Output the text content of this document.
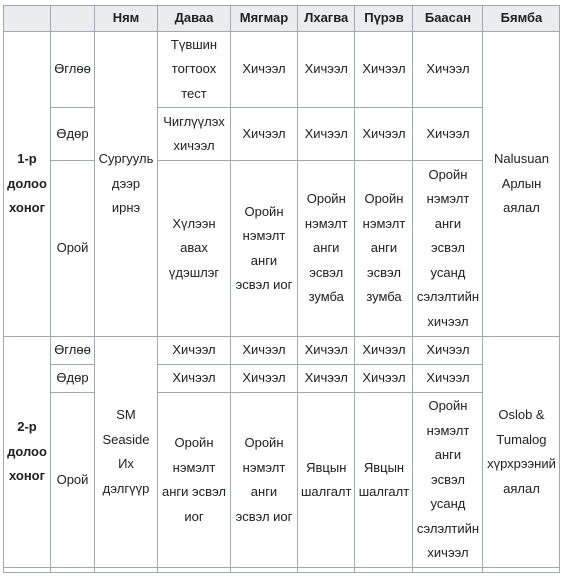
		Ням	Даваа	Мягмар	Лхагва	Пүрэв	Баасан	Бямба
1-р долоо хоног	Өглөө	Сургууль дээр ирнэ	Түвшин тогтоох тест	Хичээл	Хичээл	Хичээл	Хичээл	Nalusuan Арлын аялал
	Өдөр		Чиглүүлэх хичээл	Хичээл	Хичээл	Хичээл	Хичээл	
	Орой		Хүлээн авах үдэшлэг	Оройн нэмэлт анги эсвэл иог	Оройн нэмэлт анги эсвэл зумба	Оройн нэмэлт анги эсвэл зумба	Оройн нэмэлт анги эсвэл усанд сэлэлтийн хичээл	
2-р долоо хоног	Өглөө	SM Seaside Их дэлгүүр	Хичээл	Хичээл	Хичээл	Хичээл	Хичээл	Oslob & Tumalog хүрхрээний аялал
	Өдөр		Хичээл	Хичээл	Хичээл	Хичээл	Хичээл	
	Орой		Оройн нэмэлт анги эсвэл иог	Оройн нэмэлт анги эсвэл иог	Явцын шалгалт	Явцын шалгалт	Оройн нэмэлт анги эсвэл усанд сэлэлтийн хичээл	
